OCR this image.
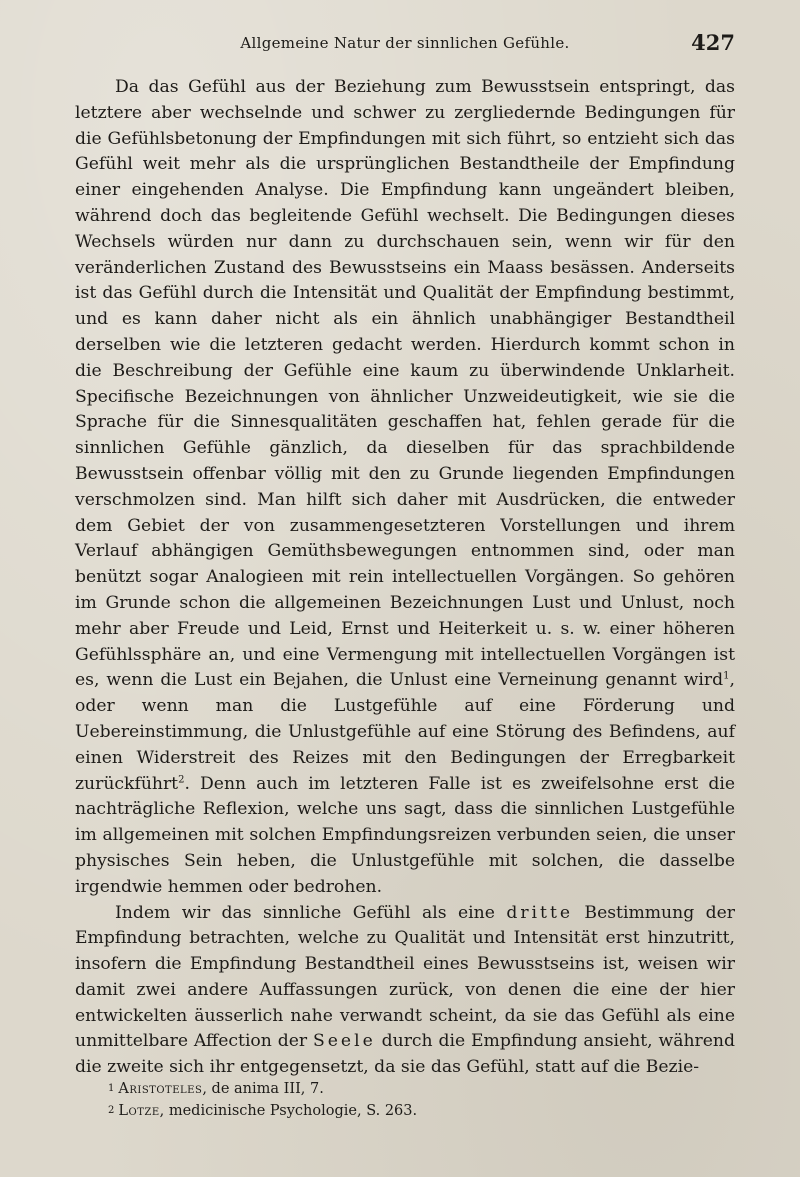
Allgemeine Natur der sinnlichen Gefühle.	427

Da das Gefühl aus der Beziehung zum Bewusstsein entspringt, das letztere aber wechselnde und schwer zu zergliedernde Bedingungen für die Gefühlsbetonung der Empfindungen mit sich führt, so entzieht sich das Gefühl weit mehr als die ursprünglichen Bestandtheile der Empfindung einer eingehenden Analyse. Die Empfindung kann ungeändert bleiben, während doch das begleitende Gefühl wechselt. Die Bedingungen dieses Wechsels würden nur dann zu durchschauen sein, wenn wir für den veränderlichen Zustand des Bewusstseins ein Maass besässen. Anderseits ist das Gefühl durch die Intensität und Qualität der Empfindung bestimmt, und es kann daher nicht als ein ähnlich unabhängiger Bestandtheil derselben wie die letzteren gedacht werden. Hierdurch kommt schon in die Beschreibung der Gefühle eine kaum zu überwindende Unklarheit. Specifische Bezeichnungen von ähnlicher Unzweideutigkeit, wie sie die Sprache für die Sinnesqualitäten geschaffen hat, fehlen gerade für die sinnlichen Gefühle gänzlich, da dieselben für das sprachbildende Bewusstsein offenbar völlig mit den zu Grunde liegenden Empfindungen verschmolzen sind. Man hilft sich daher mit Ausdrücken, die entweder dem Gebiet der von zusammengesetzteren Vorstellungen und ihrem Verlauf abhängigen Gemüthsbewegungen entnommen sind, oder man benützt sogar Analogieen mit rein intellectuellen Vorgängen. So gehören im Grunde schon die allgemeinen Bezeichnungen Lust und Unlust, noch mehr aber Freude und Leid, Ernst und Heiterkeit u. s. w. einer höheren Gefühlssphäre an, und eine Vermengung mit intellectuellen Vorgängen ist es, wenn die Lust ein Bejahen, die Unlust eine Verneinung genannt wird$^1$, oder wenn man die Lustgefühle auf eine Förderung und Uebereinstimmung, die Unlustgefühle auf eine Störung des Befindens, auf einen Widerstreit des Reizes mit den Bedingungen der Erregbarkeit zurückführt$^2$. Denn auch im letzteren Falle ist es zweifelsohne erst die nachträgliche Reflexion, welche uns sagt, dass die sinnlichen Lustgefühle im allgemeinen mit solchen Empfindungsreizen verbunden seien, die unser physisches Sein heben, die Unlustgefühle mit solchen, die dasselbe irgendwie hemmen oder bedrohen.

Indem wir das sinnliche Gefühl als eine dritte Bestimmung der Empfindung betrachten, welche zu Qualität und Intensität erst hinzutritt, insofern die Empfindung Bestandtheil eines Bewusstseins ist, weisen wir damit zwei andere Auffassungen zurück, von denen die eine der hier entwickelten äusserlich nahe verwandt scheint, da sie das Gefühl als eine unmittelbare Affection der Seele durch die Empfindung ansieht, während die zweite sich ihr entgegensetzt, da sie das Gefühl, statt auf die Bezie-

$^1$ Aristoteles, de anima III, 7.
$^2$ Lotze, medicinische Psychologie, S. 263.
